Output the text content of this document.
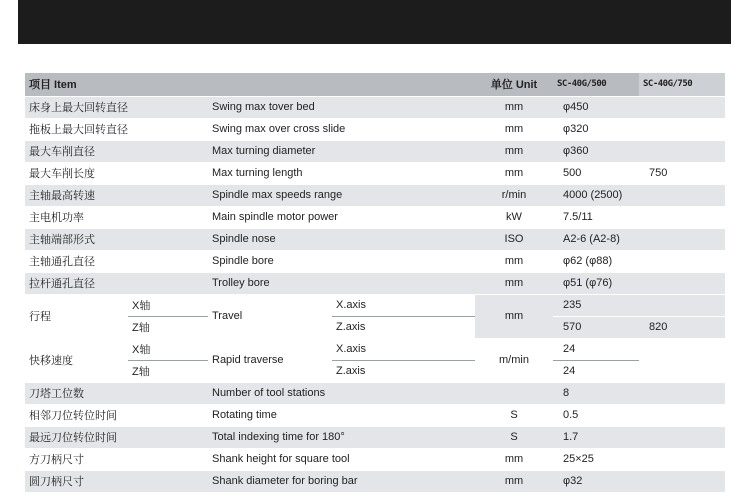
项目 Item				单位 Unit	SC-40G/500	SC-40G/750
床身上最大回转直径		Swing max tover bed		mm	φ450	
拖板上最大回转直径		Swing max over cross slide		mm	φ320	
最大车削直径		Max turning diameter		mm	φ360	
最大车削长度		Max turning length		mm	500	750
主轴最高转速		Spindle max speeds range		r/min	4000 (2500)	
主电机功率		Main spindle motor power		kW	7.5/11	
主轴端部形式		Spindle nose		ISO	A2-6 (A2-8)	
主轴通孔直径		Spindle bore		mm	φ62 (φ88)	
拉杆通孔直径		Trolley bore		mm	φ51 (φ76)	
行程	X轴	Travel	X.axis	mm	235	
	Z轴		Z.axis		570	820
快移速度	X轴	Rapid traverse	X.axis	m/min	24	
	Z轴		Z.axis		24	
刀塔工位数		Number of tool stations			8	
相邻刀位转位时间		Rotating time		S	0.5	
最远刀位转位时间		Total indexing time for 180°		S	1.7	
方刀柄尺寸		Shank height for square tool		mm	25×25	
圆刀柄尺寸		Shank diameter for boring bar		mm	φ32	
